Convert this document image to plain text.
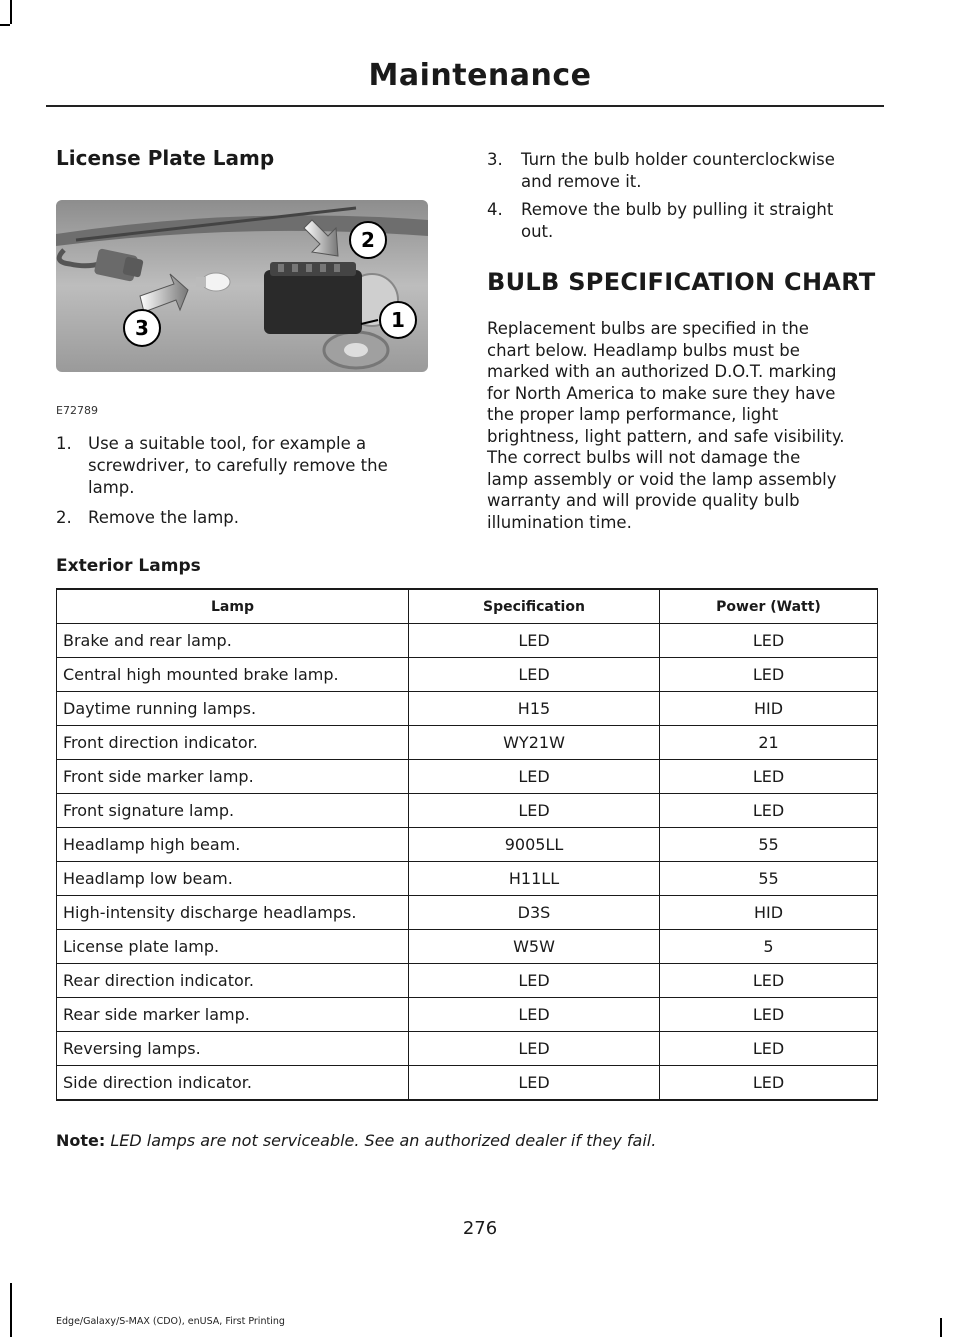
Maintenance
License Plate Lamp
1
2
3
E72789
1. Use a suitable tool, for example a
screwdriver, to carefully remove the
lamp.
2. Remove the lamp.
3. Turn the bulb holder counterclockwise
and remove it.
4. Remove the bulb by pulling it straight
out.
BULB SPECIFICATION CHART
Replacement bulbs are specified in the
chart below. Headlamp bulbs must be
marked with an authorized D.O.T. marking
for North America to make sure they have
the proper lamp performance, light
brightness, light pattern, and safe visibility.
The correct bulbs will not damage the
lamp assembly or void the lamp assembly
warranty and will provide quality bulb
illumination time.
Exterior Lamps
Lamp	Specification	Power (Watt)
Brake and rear lamp.	LED	LED
Central high mounted brake lamp.	LED	LED
Daytime running lamps.	H15	HID
Front direction indicator.	WY21W	21
Front side marker lamp.	LED	LED
Front signature lamp.	LED	LED
Headlamp high beam.	9005LL	55
Headlamp low beam.	H11LL	55
High-intensity discharge headlamps.	D3S	HID
License plate lamp.	W5W	5
Rear direction indicator.	LED	LED
Rear side marker lamp.	LED	LED
Reversing lamps.	LED	LED
Side direction indicator.	LED	LED
Note: LED lamps are not serviceable. See an authorized dealer if they fail.
276
Edge/Galaxy/S-MAX (CDO), enUSA, First Printing
